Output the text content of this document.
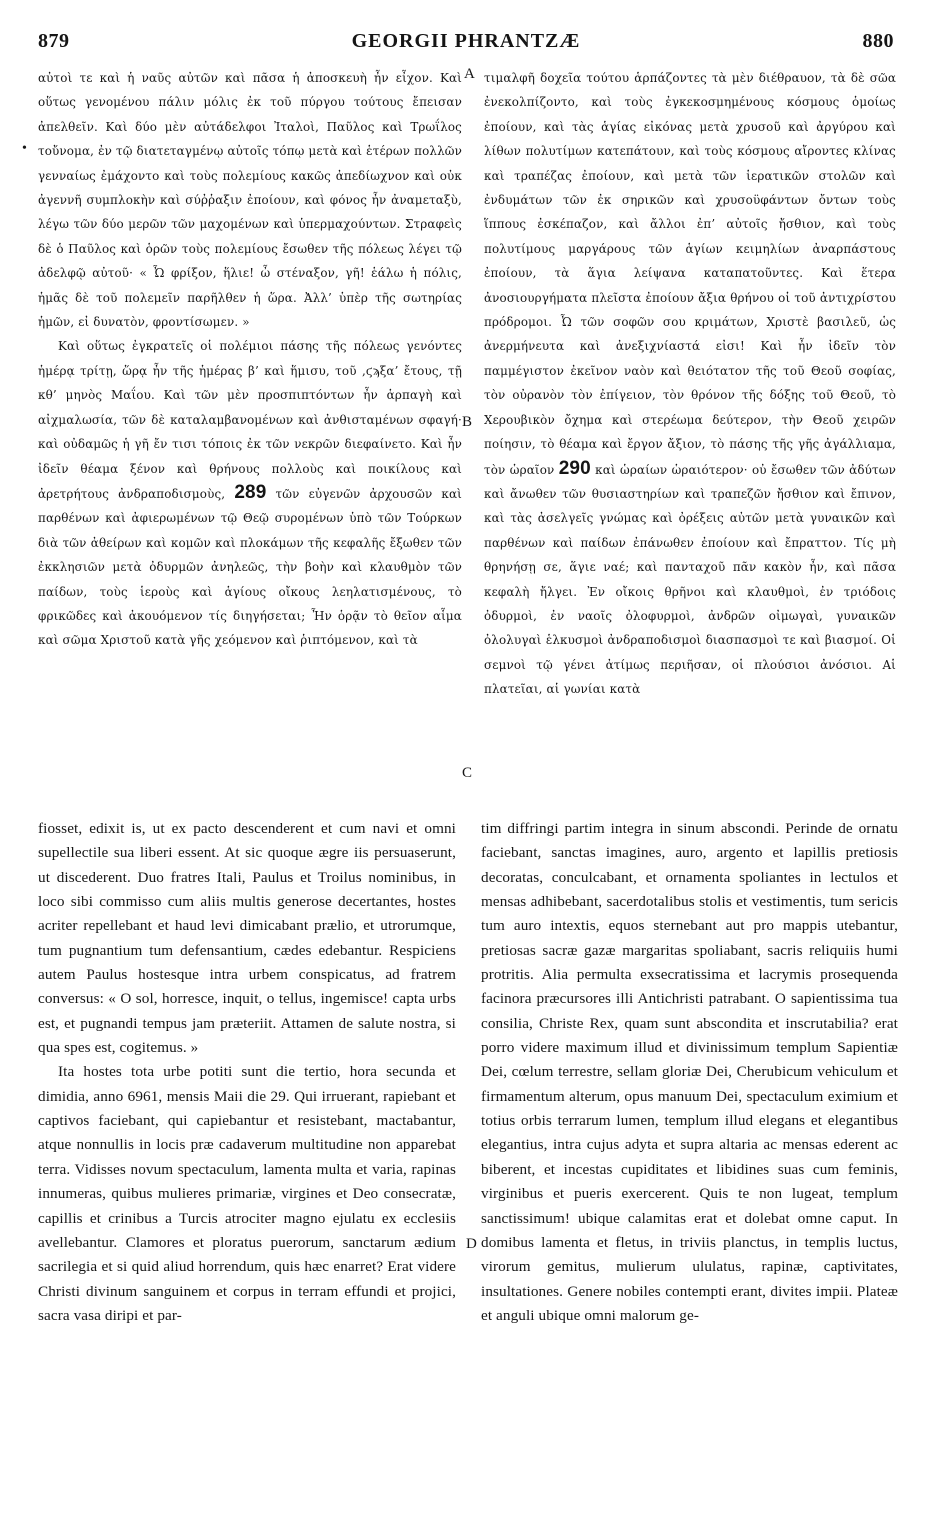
879	GEORGII PHRANTZÆ	880
•
A
B
C
D

αὐτοὶ τε καὶ ἡ ναῦς αὐτῶν καὶ πᾶσα ἡ ἀποσκευὴ ἦν εἶχον. Καὶ οὕτως γενομένου πάλιν μόλις ἐκ τοῦ πύργου τούτους ἔπεισαν ἀπελθεῖν. Καὶ δύο μὲν αὐτάδελφοι Ἰταλοὶ, Παῦλος καὶ Τρωΐλος τοὔνομα, ἐν τῷ διατεταγμένῳ αὐτοῖς τόπῳ μετὰ καὶ ἑτέρων πολλῶν γενναίως ἐμάχοντο καὶ τοὺς πολεμίους κακῶς ἀπεδίωχνον καὶ οὐκ ἀγεννῆ συμπλοκὴν καὶ σύῤῥαξιν ἐποίουν, καὶ φόνος ἦν ἀναμεταξὺ, λέγω τῶν δύο μερῶν τῶν μαχομένων καὶ ὑπερμαχούντων. Στραφεὶς δὲ ὁ Παῦλος καὶ ὁρῶν τοὺς πολεμίους ἔσωθεν τῆς πόλεως λέγει τῷ ἀδελφῷ αὐτοῦ· « Ὦ φρίξον, ἥλιε! ὦ στέναξον, γῆ! ἑάλω ἡ πόλις, ἡμᾶς δὲ τοῦ πολεμεῖν παρῆλθεν ἡ ὥρα. Ἀλλ’ ὑπὲρ τῆς σωτηρίας ἡμῶν, εἰ δυνατὸν, φροντίσωμεν. »

Καὶ οὕτως ἐγκρατεῖς οἱ πολέμιοι πάσης τῆς πόλεως γενόντες ἡμέρᾳ τρίτῃ, ὥρᾳ ἦν τῆς ἡμέρας β’ καὶ ἥμισυ, τοῦ ,ϛϡξα’ ἔτους, τῇ κθ’ μηνὸς Μαΐου. Καὶ τῶν μὲν προσπιπτόντων ἦν ἁρπαγὴ καὶ αἰχμαλωσία, τῶν δὲ καταλαμβανομένων καὶ ἀνθισταμένων σφαγή· καὶ οὐδαμῶς ἡ γῆ ἔν τισι τόποις ἐκ τῶν νεκρῶν διεφαίνετο. Καὶ ἦν ἰδεῖν θέαμα ξένον καὶ θρήνους πολλοὺς καὶ ποικίλους καὶ ἀρετρήτους ἀνδραποδισμοὺς, 289 τῶν εὐγενῶν ἀρχουσῶν καὶ παρθένων καὶ ἀφιερωμένων τῷ Θεῷ συρομένων ὑπὸ τῶν Τούρκων διὰ τῶν ἀθείρων καὶ κομῶν καὶ πλοκάμων τῆς κεφαλῆς ἔξωθεν τῶν ἐκκλησιῶν μετὰ ὀδυρμῶν ἀνηλεῶς, τὴν βοὴν καὶ κλαυθμὸν τῶν παίδων, τοὺς ἱεροὺς καὶ ἁγίους οἴκους λεηλατισμένους, τὸ φρικῶδες καὶ ἀκουόμενον τίς διηγήσεται; Ἦν ὁρᾷν τὸ θεῖον αἷμα καὶ σῶμα Χριστοῦ κατὰ γῆς χεόμενον καὶ ῥιπτόμενον, καὶ τὰ

τιμαλφῆ δοχεῖα τούτου ἁρπάζοντες τὰ μὲν διέθραυον, τὰ δὲ σῶα ἐνεκολπίζοντο, καὶ τοὺς ἐγκεκοσμημένους κόσμους ὁμοίως ἐποίουν, καὶ τὰς ἁγίας εἰκόνας μετὰ χρυσοῦ καὶ ἀργύρου καὶ λίθων πολυτίμων κατεπάτουν, καὶ τοὺς κόσμους αἴροντες κλίνας καὶ τραπέζας ἐποίουν, καὶ μετὰ τῶν ἱερατικῶν στολῶν καὶ ἐνδυμάτων τῶν ἐκ σηρικῶν καὶ χρυσοϋφάντων ὄντων τοὺς ἵππους ἐσκέπαζον, καὶ ἄλλοι ἐπ’ αὐτοῖς ἤσθιον, καὶ τοὺς πολυτίμους μαργάρους τῶν ἁγίων κειμηλίων ἀναρπάστους ἐποίουν, τὰ ἅγια λείψανα καταπατοῦντες. Καὶ ἕτερα ἀνοσιουργήματα πλεῖστα ἐποίουν ἄξια θρήνου οἱ τοῦ ἀντιχρίστου πρόδρομοι. Ὦ τῶν σοφῶν σου κριμάτων, Χριστὲ βασιλεῦ, ὡς ἀνερμήνευτα καὶ ἀνεξιχνίαστά εἰσι! Καὶ ἦν ἰδεῖν τὸν παμμέγιστον ἐκεῖνον ναὸν καὶ θειότατον τῆς τοῦ Θεοῦ σοφίας, τὸν οὐρανὸν τὸν ἐπίγειον, τὸν θρόνον τῆς δόξης τοῦ Θεοῦ, τὸ Χερουβικὸν ὄχημα καὶ στερέωμα δεύτερον, τὴν Θεοῦ χειρῶν ποίησιν, τὸ θέαμα καὶ ἔργον ἄξιον, τὸ πάσης τῆς γῆς ἀγάλλιαμα, τὸν ὡραῖον 290 καὶ ὡραίων ὡραιότερον· οὐ ἔσωθεν τῶν ἀδύτων καὶ ἄνωθεν τῶν θυσιαστηρίων καὶ τραπεζῶν ἤσθιον καὶ ἔπινον, καὶ τὰς ἀσελγεῖς γνώμας καὶ ὀρέξεις αὐτῶν μετὰ γυναικῶν καὶ παρθένων καὶ παίδων ἐπάνωθεν ἐποίουν καὶ ἔπραττον. Τίς μὴ θρηνήσῃ σε, ἅγιε ναέ; καὶ πανταχοῦ πᾶν κακὸν ἦν, καὶ πᾶσα κεφαλὴ ἤλγει. Ἐν οἴκοις θρῆνοι καὶ κλαυθμοὶ, ἐν τριόδοις ὀδυρμοὶ, ἐν ναοῖς ὀλοφυρμοὶ, ἀνδρῶν οἰμωγαὶ, γυναικῶν ὀλολυγαὶ ἑλκυσμοὶ ἀνδραποδισμοὶ διασπασμοὶ τε καὶ βιασμοί. Οἱ σεμνοὶ τῷ γένει ἀτίμως περιῆσαν, οἱ πλούσιοι ἀνόσιοι. Αἱ πλατεῖαι, αἱ γωνίαι κατὰ

fiosset, edixit is, ut ex pacto descenderent et cum navi et omni supellectile sua liberi essent. At sic quoque ægre iis persuaserunt, ut discederent. Duo fratres Itali, Paulus et Troilus nominibus, in loco sibi commisso cum aliis multis generose decertantes, hostes acriter repellebant et haud levi dimicabant prælio, et utrorumque, tum pugnantium tum defensantium, cædes edebantur. Respiciens autem Paulus hostesque intra urbem conspicatus, ad fratrem conversus: « O sol, horresce, inquit, o tellus, ingemisce! capta urbs est, et pugnandi tempus jam præteriit. Attamen de salute nostra, si qua spes est, cogitemus. »

Ita hostes tota urbe potiti sunt die tertio, hora secunda et dimidia, anno 6961, mensis Maii die 29. Qui irruerant, rapiebant et captivos faciebant, qui capiebantur et resistebant, mactabantur, atque nonnullis in locis præ cadaverum multitudine non apparebat terra. Vidisses novum spectaculum, lamenta multa et varia, rapinas innumeras, quibus mulieres primariæ, virgines et Deo consecratæ, capillis et crinibus a Turcis atrociter magno ejulatu ex ecclesiis avellebantur. Clamores et ploratus puerorum, sanctarum ædium sacrilegia et si quid aliud horrendum, quis hæc enarret? Erat videre Christi divinum sanguinem et corpus in terram effundi et projici, sacra vasa diripi et par-

tim diffringi partim integra in sinum abscondi. Perinde de ornatu faciebant, sanctas imagines, auro, argento et lapillis pretiosis decoratas, conculcabant, et ornamenta spoliantes in lectulos et mensas adhibebant, sacerdotalibus stolis et vestimentis, tum sericis tum auro intextis, equos sternebant aut pro mappis utebantur, pretiosas sacræ gazæ margaritas spoliabant, sacris reliquiis humi protritis. Alia permulta exsecratissima et lacrymis prosequenda facinora præcursores illi Antichristi patrabant. O sapientissima tua consilia, Christe Rex, quam sunt abscondita et inscrutabilia? erat porro videre maximum illud et divinissimum templum Sapientiæ Dei, cœlum terrestre, sellam gloriæ Dei, Cherubicum vehiculum et firmamentum alterum, opus manuum Dei, spectaculum eximium et totius orbis terrarum lumen, templum illud elegans et elegantibus elegantius, intra cujus adyta et supra altaria ac mensas ederent ac biberent, et incestas cupiditates et libidines suas cum feminis, virginibus et pueris exercerent. Quis te non lugeat, templum sanctissimum! ubique calamitas erat et dolebat omne caput. In domibus lamenta et fletus, in triviis planctus, in templis luctus, virorum gemitus, mulierum ululatus, rapinæ, captivitates, insultationes. Genere nobiles contempti erant, divites impii. Plateæ et anguli ubique omni malorum ge-
